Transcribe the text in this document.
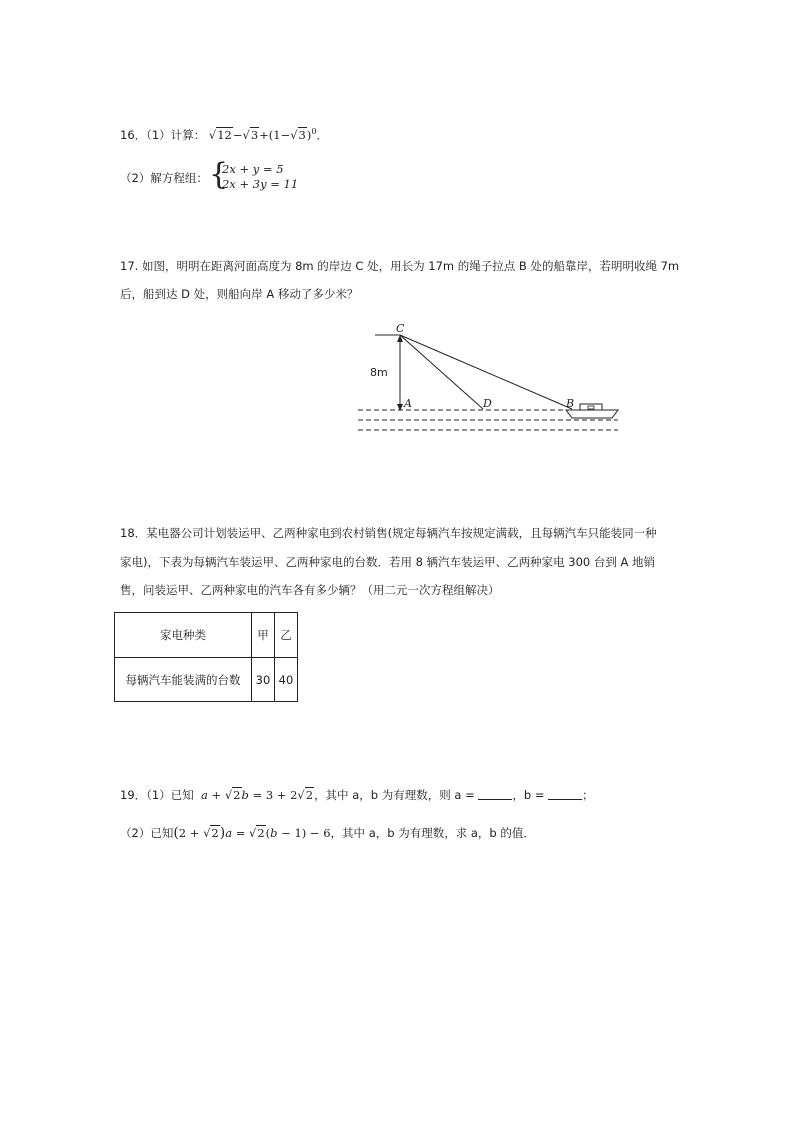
16．（1）计算： $√12-√3+(1-√3)^0$．
（2）解方程组： {
2x + y = 5
2x + 3y = 11
17. 如图，明明在距离河面高度为 8m 的岸边 C 处，用长为 17m 的绳子拉点 B 处的船靠岸，若明明收绳 7m
后，船到达 D 处，则船向岸 A 移动了多少米？
C
A	D	B
8m
18．某电器公司计划装运甲、乙两种家电到农村销售(规定每辆汽车按规定满载，且每辆汽车只能装同一种
家电)，下表为每辆汽车装运甲、乙两种家电的台数．若用 8 辆汽车装运甲、乙两种家电 300 台到 A 地销
售，问装运甲、乙两种家电的汽车各有多少辆？（用二元一次方程组解决）
家电种类	甲	乙
每辆汽车能装满的台数	30	40
19．（1）已知  a + √2b = 3 + 2√2，其中 a，b 为有理数，则 a =	，b =	；
（2）已知(2 + √2)a = √2(b − 1) − 6，其中 a，b 为有理数，求 a，b 的值．
